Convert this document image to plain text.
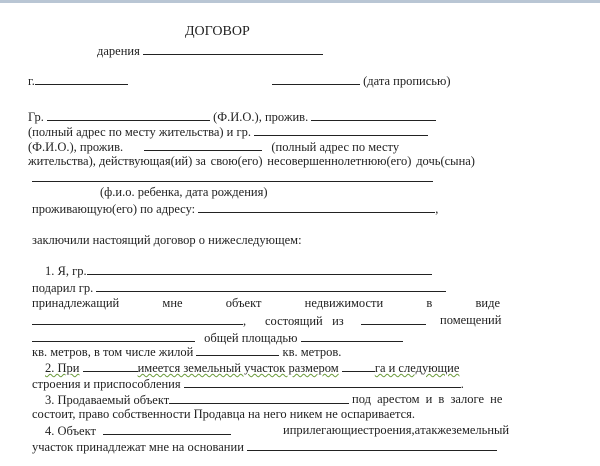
ДОГОВОР
дарения
г.	(дата прописью)
Гр.	(Ф.И.О.), прожив.
(полный адрес по месту жительства) и гр.
(Ф.И.О.), прожив.	(полный адрес по месту
жительства), действующая(ий) за свою(его) несовершеннолетнюю(его) дочь(сына)
(ф.и.о. ребенка, дата рождения)
проживающую(его) по адресу:	,
заключили настоящий договор о нижеследующем:
1. Я, гр.
подарил гр.
принадлежащий	мне	объект	недвижимости	в	виде
, состоящий   из	помещений
общей площадью
кв. метров, в том числе жилой	кв. метров.
2. При	имеется земельный участок размером	га и следующие
строения и приспособления	.
3. Продаваемый объект	под арестом и в залоге не
состоит, право собственности Продавца на него никем не оспаривается.
4. Объект	и прилегающие строения, а также земельный
участок принадлежат мне на основании
